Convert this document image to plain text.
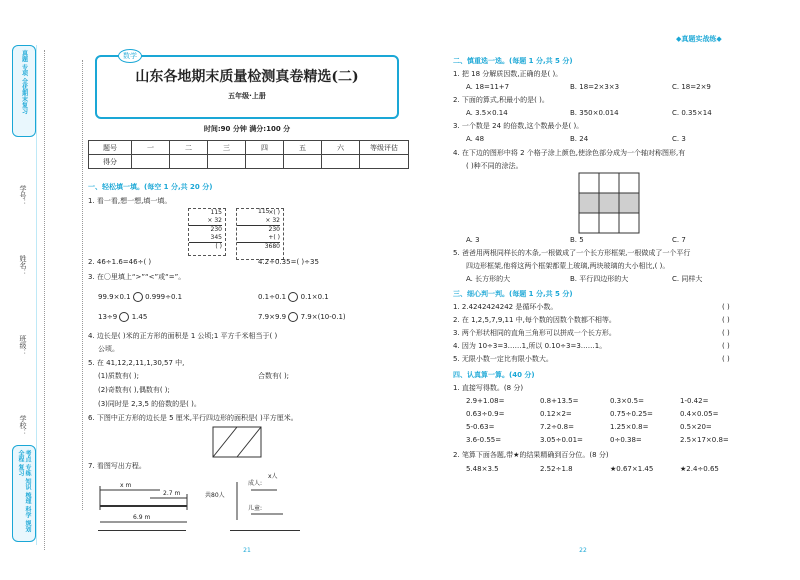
真题 专项 全优期末复习
学号：
姓名：
班级：
学校：
考点 专练 知识 梳理 科学 规划 全程 复习
数学
山东各地期末质量检测真卷精选(二)
五年级·上册
时间:90 分钟 满分:100 分
◆真题实战练◆
题号	一	二	三	四	五	六	等级评估
得分							
一、轻松填一填。(每空 1 分,共 20 分)
1. 看一看,想一想,填一填。
115
× 32
230
345
( )
×( )
× 32
230
+( )
3680
115
2. 46÷1.6=46÷( )	4.2÷0.35=( )÷35
3. 在〇里填上“>”“<”或“=”。
99.9×0.1 0.999÷0.1	0.1÷0.1 0.1×0.1
13÷9 1.45	7.9×9.9 7.9×(10-0.1)
4. 边长是( )米的正方形的面积是 1 公顷;1 平方千米相当于( )
公顷。
5. 在 41,12,2,11,1,30,57 中,
(1)质数有( );	合数有( );
(2)奇数有( ),偶数有( );
(3)同时是 2,3,5 的倍数的是( )。
6. 下图中正方形的边长是 5 厘米,平行四边形的面积是( )平方厘米。
7. 看图写出方程。
x m
2.7 m
6.9 m
成人:
x人
共80人
儿童:
21
二、慎重选一选。(每题 1 分,共 5 分)
1. 把 18 分解质因数,正确的是( )。
A. 18=11+7	B. 18=2×3×3	C. 18=2×9
2. 下面的算式,积最小的是( )。
A. 3.5×0.14	B. 350×0.014	C. 0.35×14
3. 一个数是 24 的倍数,这个数最小是( )。
A. 48	B. 24	C. 3
4. 在下边的图形中将 2 个格子涂上颜色,使涂色部分成为一个轴对称图形,有
( )种不同的涂法。
A. 3	B. 5	C. 7
5. 爸爸用两根同样长的木条,一根做成了一个长方形框架,一根做成了一个平行
四边形框架,他将这两个框架都蒙上玻璃,两块玻璃的大小相比,( )。
A. 长方形的大	B. 平行四边形的大	C. 同样大
三、细心判一判。(每题 1 分,共 5 分)
1. 2.4242424242 是循环小数。
2. 在 1,2,5,7,9,11 中,每个数的因数个数都不相等。
3. 两个形状相同的直角三角形可以拼成一个长方形。
4. 因为 10÷3=3……1,所以 0.10÷3=3……1。
5. 无限小数一定比有限小数大。
( )
( )
( )
( )
( )
四、认真算一算。(40 分)
1. 直接写得数。(8 分)
2.9+1.08=	0.8+13.5=	0.3×0.5=	1-0.42=
0.63÷0.9=	0.12×2=	0.75÷0.25=	0.4×0.05=
5-0.63=	7.2÷0.8=	1.25×0.8=	0.5×20=
3.6-0.55=	3.05÷0.01=	0÷0.38=	2.5×17×0.8=
2. 笔算下面各题,带★的结果精确到百分位。(8 分)
5.48×3.5	2.52÷1.8	★0.67×1.45	★2.4÷0.65
22
